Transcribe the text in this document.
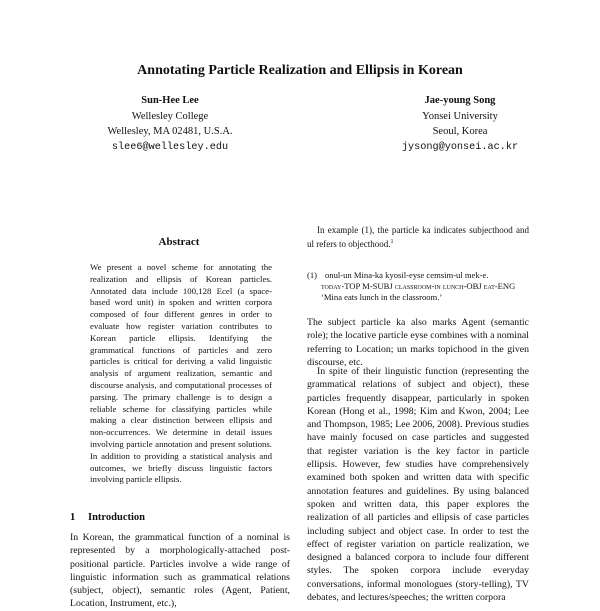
Annotating Particle Realization and Ellipsis in Korean
Sun-Hee Lee
Wellesley College
Wellesley, MA 02481, U.S.A.
slee6@wellesley.edu
Jae-young Song
Yonsei University
Seoul, Korea
jysong@yonsei.ac.kr
Abstract

We present a novel scheme for annotating the realization and ellipsis of Korean particles. Annotated data include 100,128 Ecel (a space-based word unit) in spoken and written corpora composed of four different genres in order to evaluate how register variation contributes to Korean particle ellipsis. Identifying the grammatical functions of particles and zero particles is critical for deriving a valid linguistic analysis of argument realization, semantic and discourse analysis, and computational processes of parsing. The primary challenge is to design a reliable scheme for classifying particles while making a clear distinction between ellipsis and non-occurrences. We determine in detail issues involving particle annotation and present solutions. In addition to providing a statistical analysis and outcomes, we briefly discuss linguistic factors involving particle ellipsis.

1 Introduction

In Korean, the grammatical function of a nominal is represented by a morphologically-attached post-positional particle. Particles involve a wide range of linguistic information such as grammatical relations (subject, object), semantic roles (Agent, Patient, Location, Instrument, etc.),

In example (1), the particle ka indicates subjecthood and ul refers to objecthood.$^1$

(1) onul-un Mina-ka kyosil-eyse cemsim-ul mek-e.
today-TOP M-SUBJ classroom-in lunch-OBJ eat-ENG
‘Mina eats lunch in the classroom.’

The subject particle ka also marks Agent (semantic role); the locative particle eyse combines with a nominal referring to Location; un marks topichood in the given discourse, etc.

In spite of their linguistic function (representing the grammatical relations of subject and object), these particles frequently disappear, particularly in spoken Korean (Hong et al., 1998; Kim and Kwon, 2004; Lee and Thompson, 1985; Lee 2006, 2008). Previous studies have mainly focused on case particles and suggested that register variation is the key factor in particle ellipsis. However, few studies have comprehensively examined both spoken and written data with specific annotation features and guidelines. By using balanced spoken and written data, this paper explores the realization of all particles and ellipsis of case particles including subject and object case. In order to test the effect of register variation on particle realization, we designed a balanced corpora to include four different styles. The spoken corpora include everyday conversations, informal monologues (story-telling), TV debates, and lectures/speeches; the written corpora
